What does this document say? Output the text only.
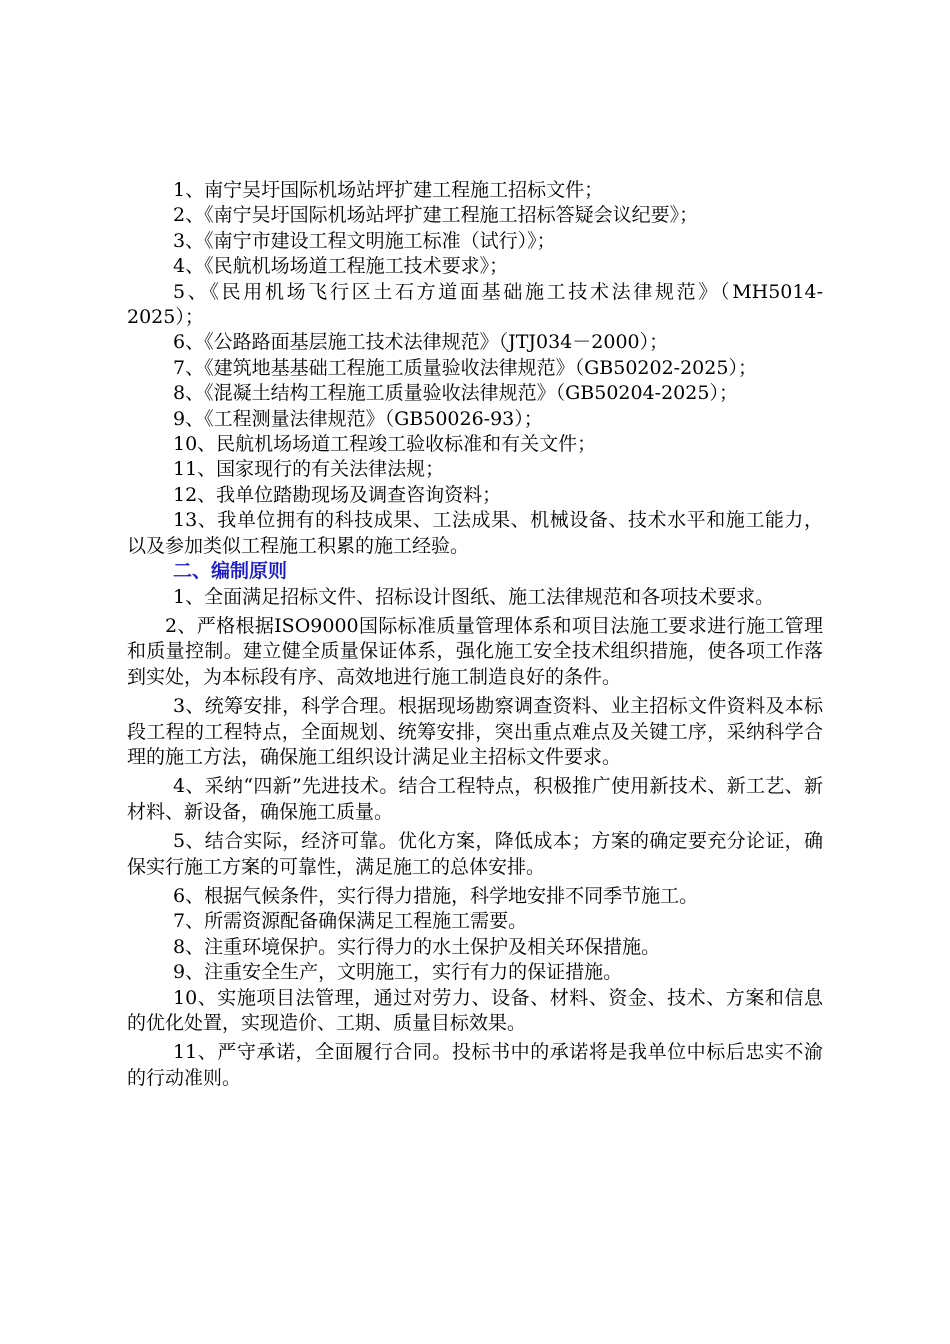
1、南宁吴圩国际机场站坪扩建工程施工招标文件；

2、《南宁吴圩国际机场站坪扩建工程施工招标答疑会议纪要》；

3、《南宁市建设工程文明施工标准（试行）》；

4、《民航机场场道工程施工技术要求》；

5、《民用机场飞行区土石方道面基础施工技术法律规范》（MH5014-2025）；

6、《公路路面基层施工技术法律规范》（JTJ034－2000）；

7、《建筑地基基础工程施工质量验收法律规范》（GB50202-2025）；

8、《混凝土结构工程施工质量验收法律规范》（GB50204-2025）；

9、《工程测量法律规范》（GB50026-93）；

10、民航机场场道工程竣工验收标准和有关文件；

11、国家现行的有关法律法规；

12、我单位踏勘现场及调查咨询资料；

13、我单位拥有的科技成果、工法成果、机械设备、技术水平和施工能力，以及参加类似工程施工积累的施工经验。

二、编制原则

1、全面满足招标文件、招标设计图纸、施工法律规范和各项技术要求。

2、严格根据ISO9000国际标准质量管理体系和项目法施工要求进行施工管理和质量控制。建立健全质量保证体系，强化施工安全技术组织措施，使各项工作落到实处，为本标段有序、高效地进行施工制造良好的条件。

3、统筹安排，科学合理。根据现场勘察调查资料、业主招标文件资料及本标段工程的工程特点，全面规划、统筹安排，突出重点难点及关键工序，采纳科学合理的施工方法，确保施工组织设计满足业主招标文件要求。

4、采纳“四新”先进技术。结合工程特点，积极推广使用新技术、新工艺、新材料、新设备，确保施工质量。

5、结合实际，经济可靠。优化方案，降低成本；方案的确定要充分论证，确保实行施工方案的可靠性，满足施工的总体安排。

6、根据气候条件，实行得力措施，科学地安排不同季节施工。

7、所需资源配备确保满足工程施工需要。

8、注重环境保护。实行得力的水土保护及相关环保措施。

9、注重安全生产，文明施工，实行有力的保证措施。

10、实施项目法管理，通过对劳力、设备、材料、资金、技术、方案和信息的优化处置，实现造价、工期、质量目标效果。

11、严守承诺，全面履行合同。投标书中的承诺将是我单位中标后忠实不渝的行动准则。
